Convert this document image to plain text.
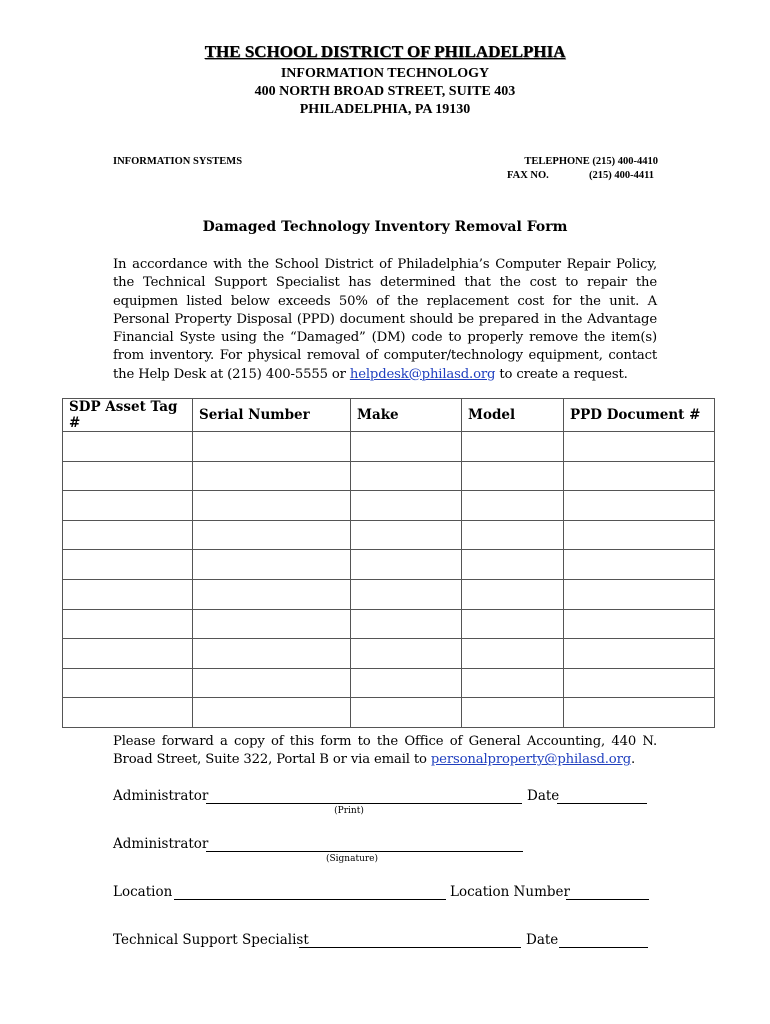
THE SCHOOL DISTRICT OF PHILADELPHIA
INFORMATION TECHNOLOGY
400 NORTH BROAD STREET, SUITE 403
PHILADELPHIA, PA 19130
INFORMATION SYSTEMS	TELEPHONE (215) 400-4410
FAX NO.	(215) 400-4411
Damaged Technology Inventory Removal Form
In accordance with the School District of Philadelphia’s Computer Repair Policy, the Technical Support Specialist has determined that the cost to repair the equipmen listed below exceeds 50% of the replacement cost for the unit. A Personal Property Disposal (PPD) document should be prepared in the Advantage Financial Syste using the “Damaged” (DM) code to properly remove the item(s) from inventory. For physical removal of computer/technology equipment, contact the Help Desk at (215) 400-5555 or helpdesk@philasd.org to create a request.
SDP Asset Tag #	Serial Number	Make	Model	PPD Document #

Please forward a copy of this form to the Office of General Accounting, 440 N. Broad Street, Suite 322, Portal B or via email to personalproperty@philasd.org.
Administrator
(Print)
Date
Administrator
(Signature)
Location	Location Number
Technical Support Specialist	Date
